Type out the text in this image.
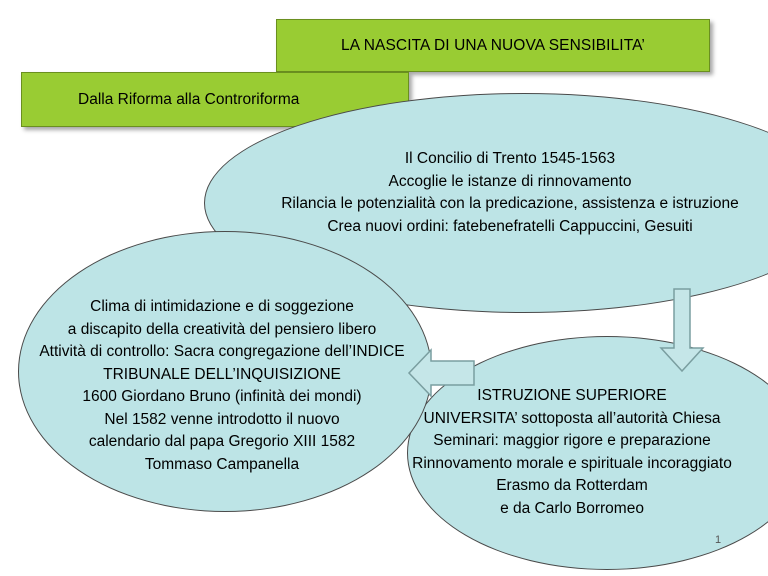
LA NASCITA DI UNA NUOVA SENSIBILITA’
Dalla Riforma alla Controriforma
Il Concilio di Trento 1545-1563
Accoglie le istanze di rinnovamento
Rilancia le potenzialità con la predicazione, assistenza e istruzione
Crea nuovi ordini: fatebenefratelli Cappuccini, Gesuiti
Clima di intimidazione e di soggezione
a discapito della creatività del pensiero libero
Attività di controllo: Sacra congregazione dell’INDICE
TRIBUNALE DELL’INQUISIZIONE
1600 Giordano Bruno (infinità dei mondi)
Nel 1582 venne introdotto il nuovo
calendario dal papa Gregorio XIII 1582
Tommaso Campanella
ISTRUZIONE SUPERIORE
UNIVERSITA’ sottoposta all’autorità Chiesa
Seminari: maggior rigore e preparazione
Rinnovamento morale e spirituale incoraggiato
Erasmo da Rotterdam
e da Carlo Borromeo
1
